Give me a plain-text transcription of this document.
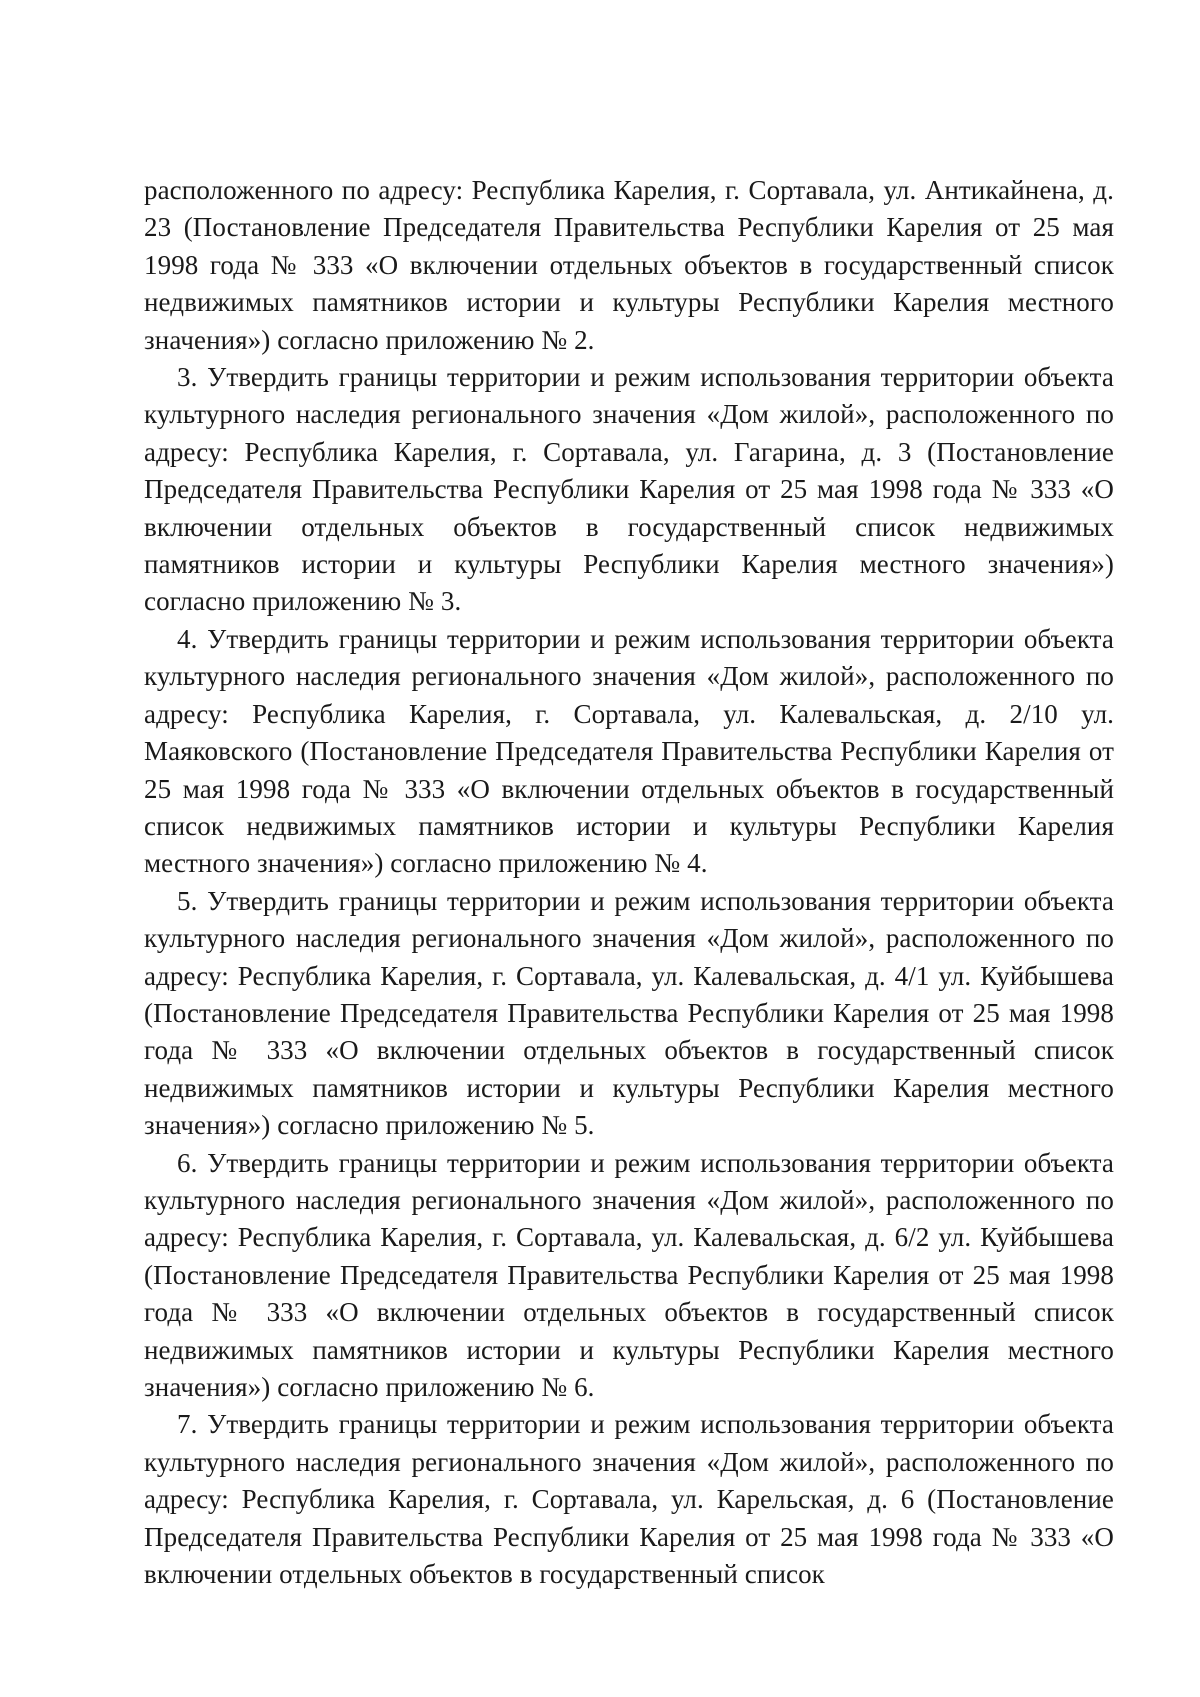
расположенного по адресу: Республика Карелия, г. Сортавала, ул. Антикайнена, д. 23 (Постановление Председателя Правительства Республики Карелия от 25 мая 1998 года № 333 «О включении отдельных объектов в государственный список недвижимых памятников истории и культуры Республики Карелия местного значения») согласно приложению № 2.

3. Утвердить границы территории и режим использования территории объекта культурного наследия регионального значения «Дом жилой», расположенного по адресу: Республика Карелия, г. Сортавала, ул. Гагарина, д. 3 (Постановление Председателя Правительства Республики Карелия от 25 мая 1998 года № 333 «О включении отдельных объектов в государственный список недвижимых памятников истории и культуры Республики Карелия местного значения») согласно приложению № 3.

4. Утвердить границы территории и режим использования территории объекта культурного наследия регионального значения «Дом жилой», расположенного по адресу: Республика Карелия, г. Сортавала, ул. Калевальская, д. 2/10 ул. Маяковского (Постановление Председателя Правительства Республики Карелия от 25 мая 1998 года № 333 «О включении отдельных объектов в государственный список недвижимых памятников истории и культуры Республики Карелия местного значения») согласно приложению № 4.

5. Утвердить границы территории и режим использования территории объекта культурного наследия регионального значения «Дом жилой», расположенного по адресу: Республика Карелия, г. Сортавала, ул. Калевальская, д. 4/1 ул. Куйбышева (Постановление Председателя Правительства Республики Карелия от 25 мая 1998 года № 333 «О включении отдельных объектов в государственный список недвижимых памятников истории и культуры Республики Карелия местного значения») согласно приложению № 5.

6. Утвердить границы территории и режим использования территории объекта культурного наследия регионального значения «Дом жилой», расположенного по адресу: Республика Карелия, г. Сортавала, ул. Калевальская, д. 6/2 ул. Куйбышева (Постановление Председателя Правительства Республики Карелия от 25 мая 1998 года № 333 «О включении отдельных объектов в государственный список недвижимых памятников истории и культуры Республики Карелия местного значения») согласно приложению № 6.

7. Утвердить границы территории и режим использования территории объекта культурного наследия регионального значения «Дом жилой», расположенного по адресу: Республика Карелия, г. Сортавала, ул. Карельская, д. 6 (Постановление Председателя Правительства Республики Карелия от 25 мая 1998 года № 333 «О включении отдельных объектов в государственный список
